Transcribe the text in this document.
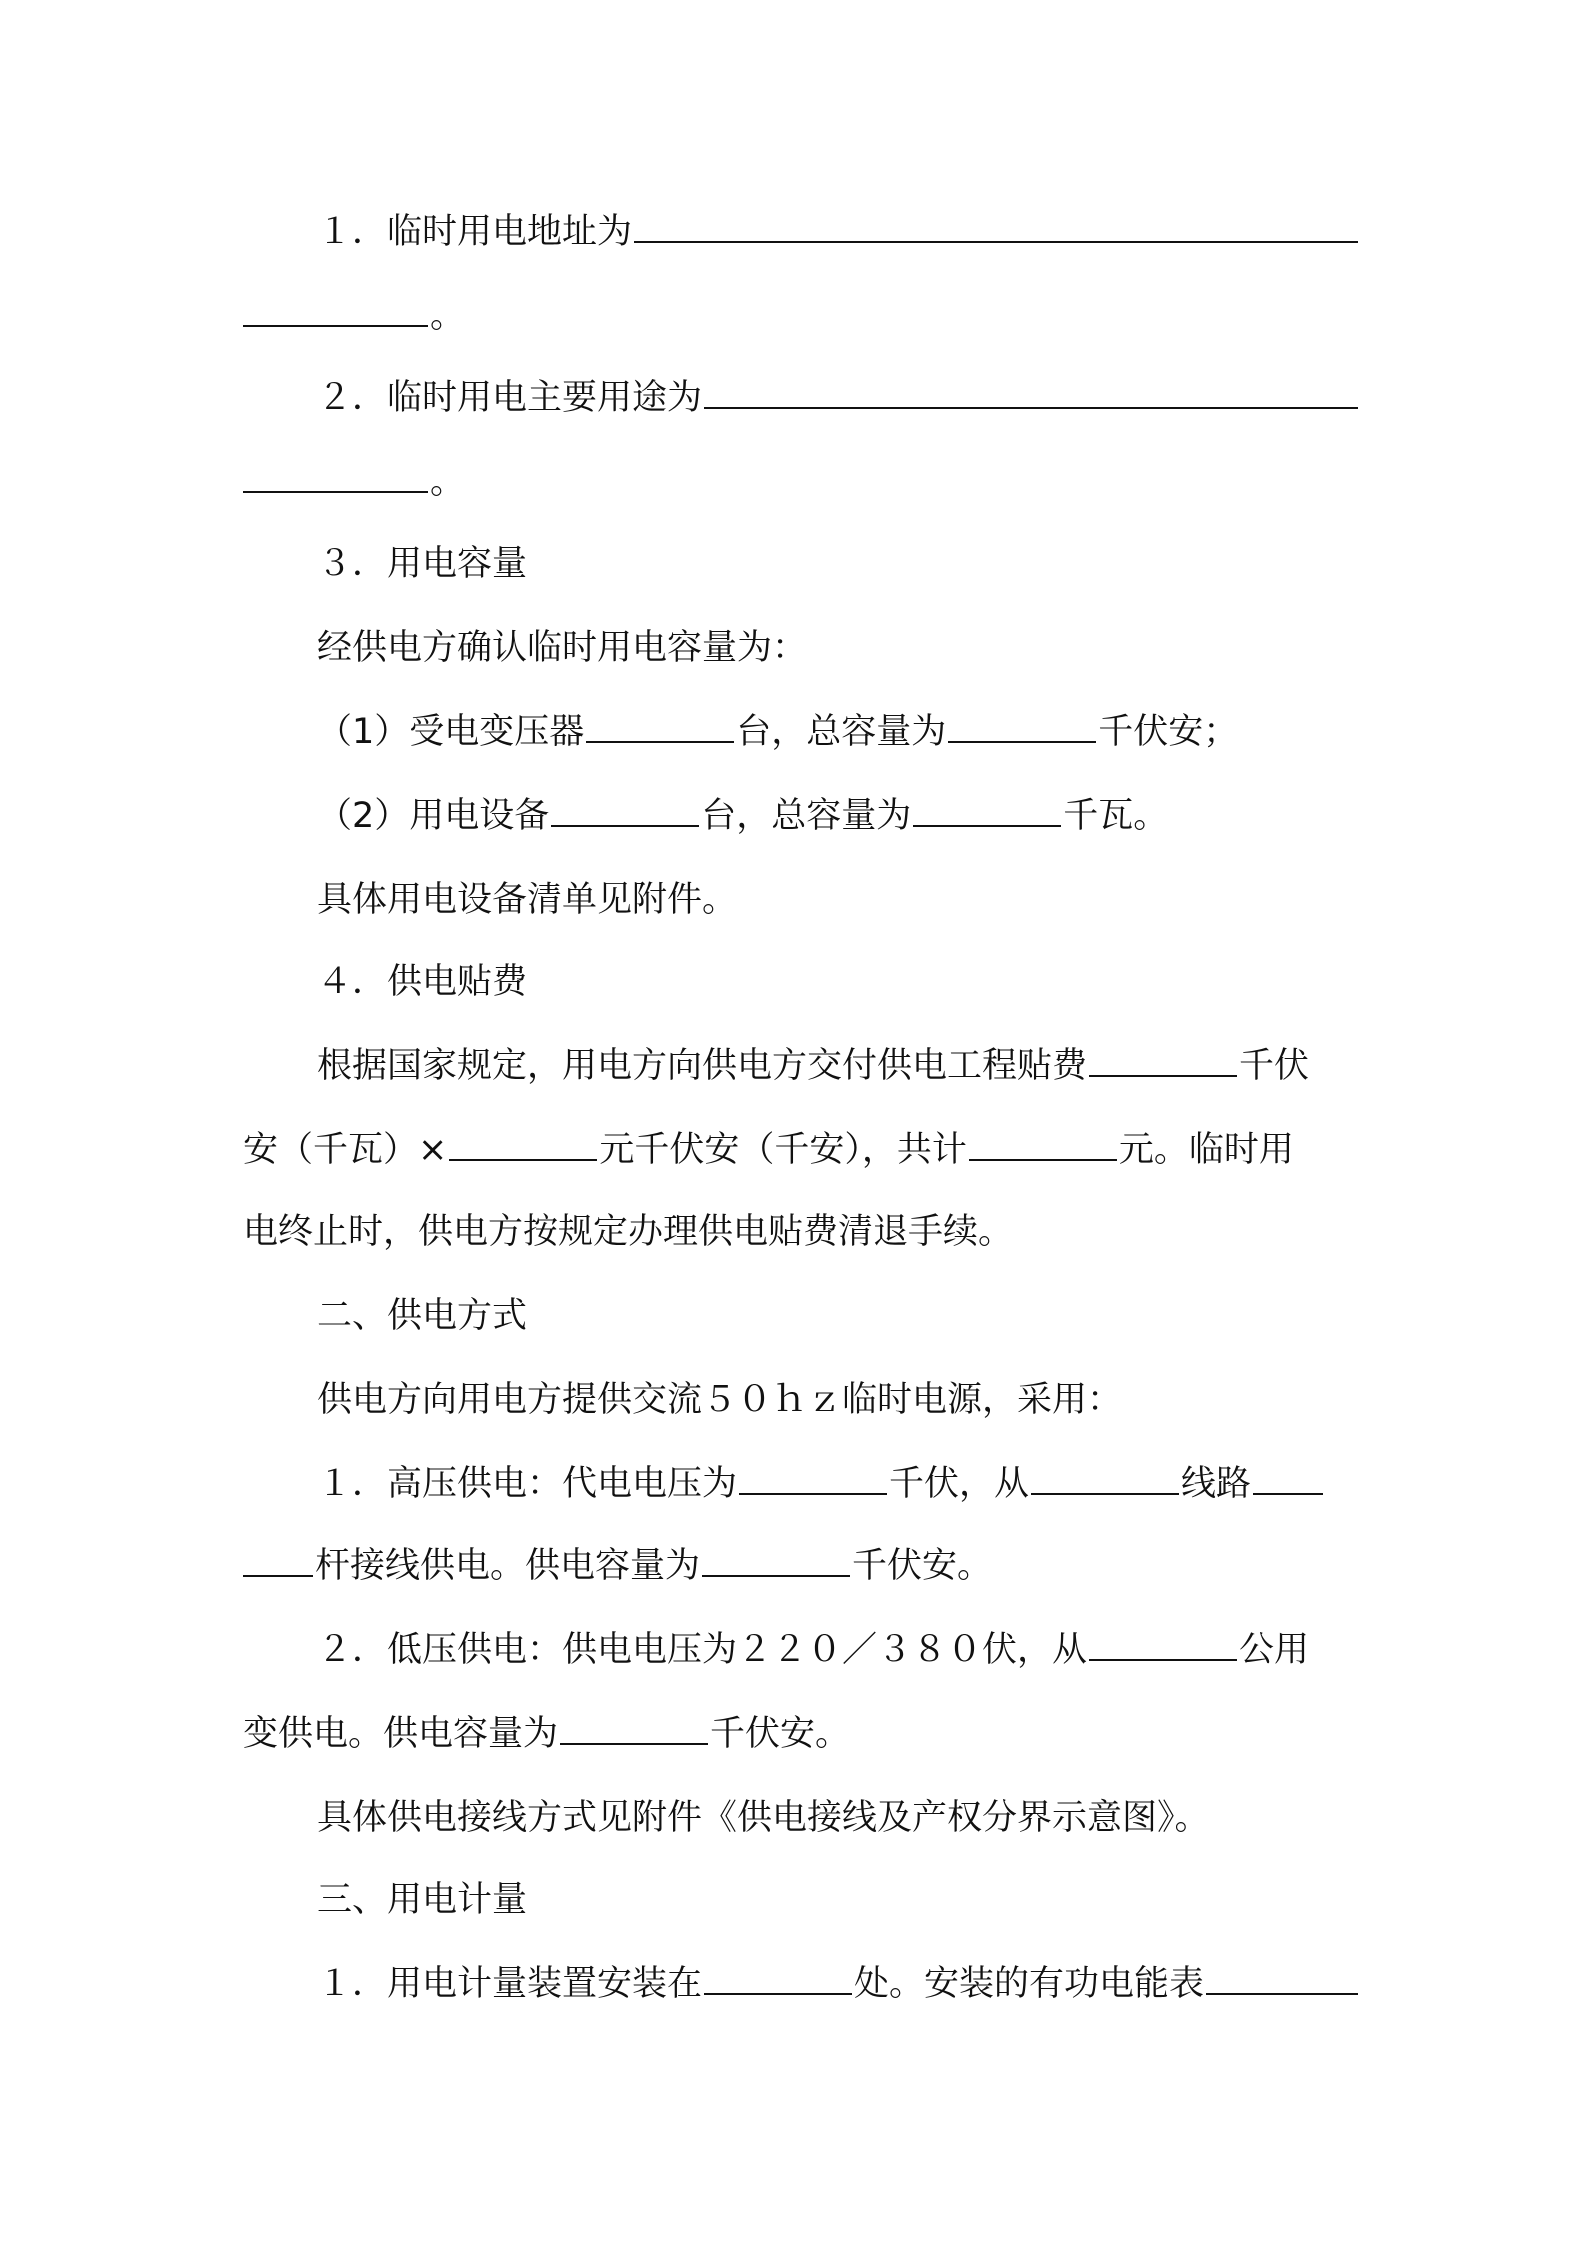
１．临时用电地址为
。
２．临时用电主要用途为
。
３．用电容量
经供电方确认临时用电容量为：
（1）受电变压器	台，总容量为	千伏安；
（2）用电设备	台，总容量为	千瓦。
具体用电设备清单见附件。
４．供电贴费
根据国家规定，用电方向供电方交付供电工程贴费	千伏
安（千瓦）×	元千伏安（千安），共计	元。临时用
电终止时，供电方按规定办理供电贴费清退手续。
二、供电方式
供电方向用电方提供交流５０ｈｚ临时电源，采用：
１．高压供电：代电电压为	千伏，从	线路
杆接线供电。供电容量为	千伏安。
２．低压供电：供电电压为２２０／３８０伏，从	公用
变供电。供电容量为	千伏安。
具体供电接线方式见附件《供电接线及产权分界示意图》。
三、用电计量
１．用电计量装置安装在	处。安装的有功电能表
